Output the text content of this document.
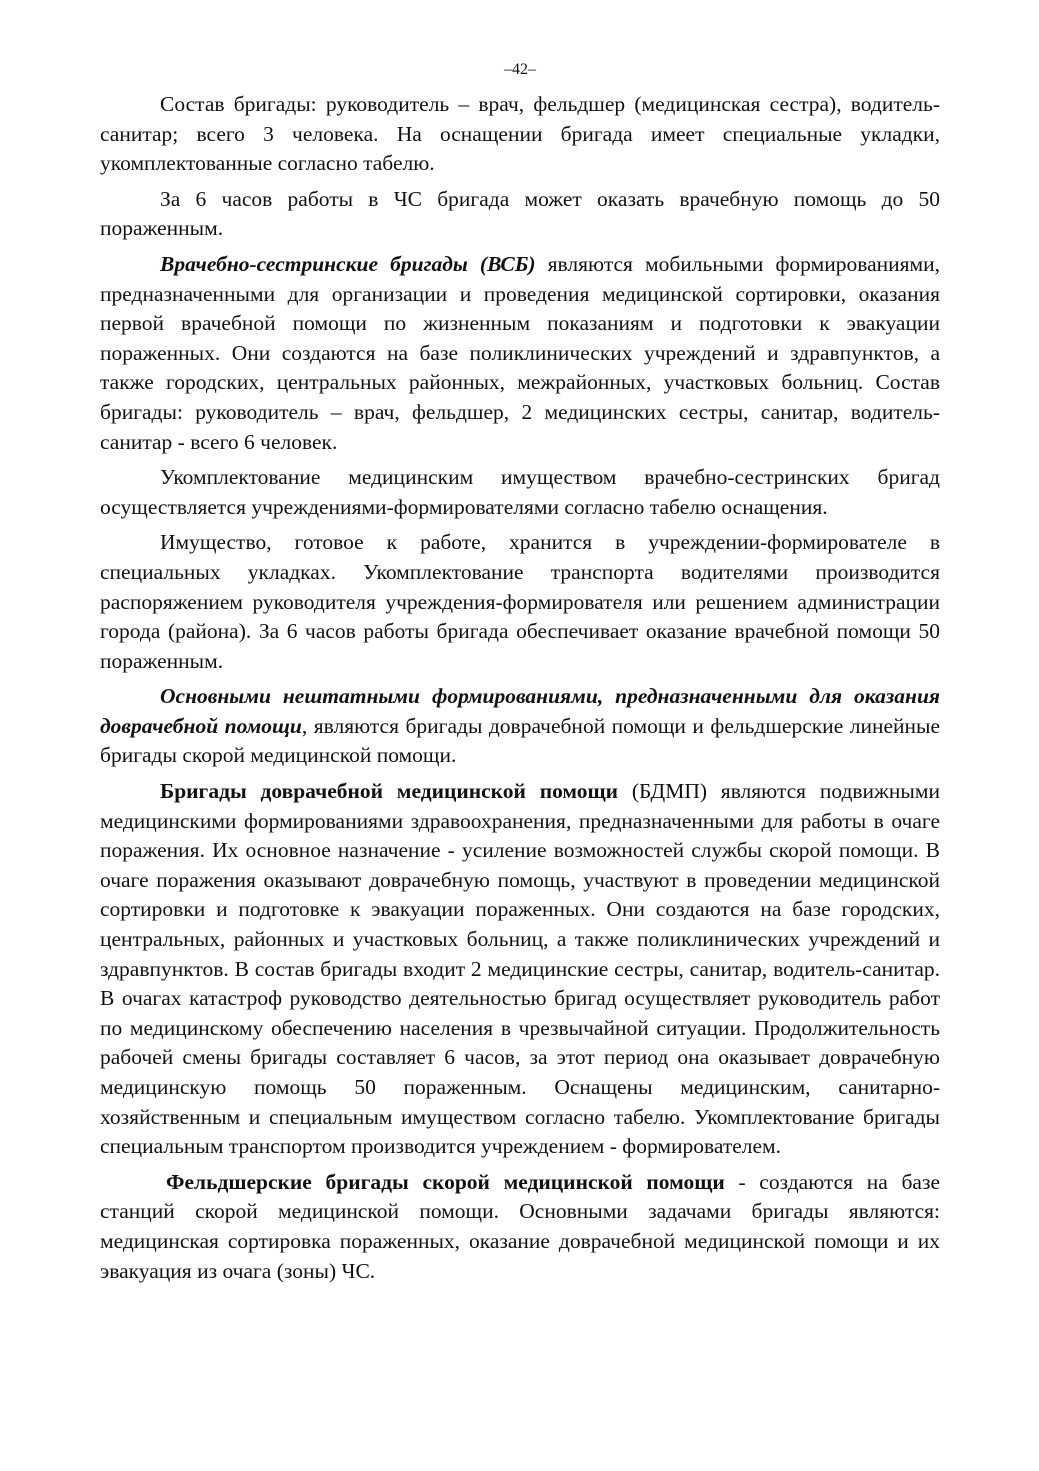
–42–

Состав бригады: руководитель – врач, фельдшер (медицинская сестра), водитель-санитар; всего 3 человека. На оснащении бригада имеет специальные укладки, укомплектованные согласно табелю.

За 6 часов работы в ЧС бригада может оказать врачебную помощь до 50 пораженным.

Врачебно-сестринские бригады (ВСБ) являются мобильными формированиями, предназначенными для организации и проведения медицинской сортировки, оказания первой врачебной помощи по жизненным показаниям и подготовки к эвакуации пораженных. Они создаются на базе поликлинических учреждений и здравпунктов, а также городских, центральных районных, межрайонных, участковых больниц. Состав бригады: руководитель – врач, фельдшер, 2 медицинских сестры, санитар, водитель-санитар - всего 6 человек.

Укомплектование медицинским имуществом врачебно-сестринских бригад осуществляется учреждениями-формирователями согласно табелю оснащения.

Имущество, готовое к работе, хранится в учреждении-формирователе в специальных укладках. Укомплектование транспорта водителями производится распоряжением руководителя учреждения-формирователя или решением администрации города (района). За 6 часов работы бригада обеспечивает оказание врачебной помощи 50 пораженным.

Основными нештатными формированиями, предназначенными для оказания доврачебной помощи, являются бригады доврачебной помощи и фельдшерские линейные бригады скорой медицинской помощи.

Бригады доврачебной медицинской помощи (БДМП) являются подвижными медицинскими формированиями здравоохранения, предназначенными для работы в очаге поражения. Их основное назначение - усиление возможностей службы скорой помощи. В очаге поражения оказывают доврачебную помощь, участвуют в проведении медицинской сортировки и подготовке к эвакуации пораженных. Они создаются на базе городских, центральных, районных и участковых больниц, а также поликлинических учреждений и здравпунктов. В состав бригады входит 2 медицинские сестры, санитар, водитель-санитар. В очагах катастроф руководство деятельностью бригад осуществляет руководитель работ по медицинскому обеспечению населения в чрезвычайной ситуации. Продолжительность рабочей смены бригады составляет 6 часов, за этот период она оказывает доврачебную медицинскую помощь 50 пораженным. Оснащены медицинским, санитарно-хозяйственным и специальным имуществом согласно табелю. Укомплектование бригады специальным транспортом производится учреждением - формирователем.

Фельдшерские бригады скорой медицинской помощи - создаются на базе станций скорой медицинской помощи. Основными задачами бригады являются: медицинская сортировка пораженных, оказание доврачебной медицинской помощи и их эвакуация из очага (зоны) ЧС.
